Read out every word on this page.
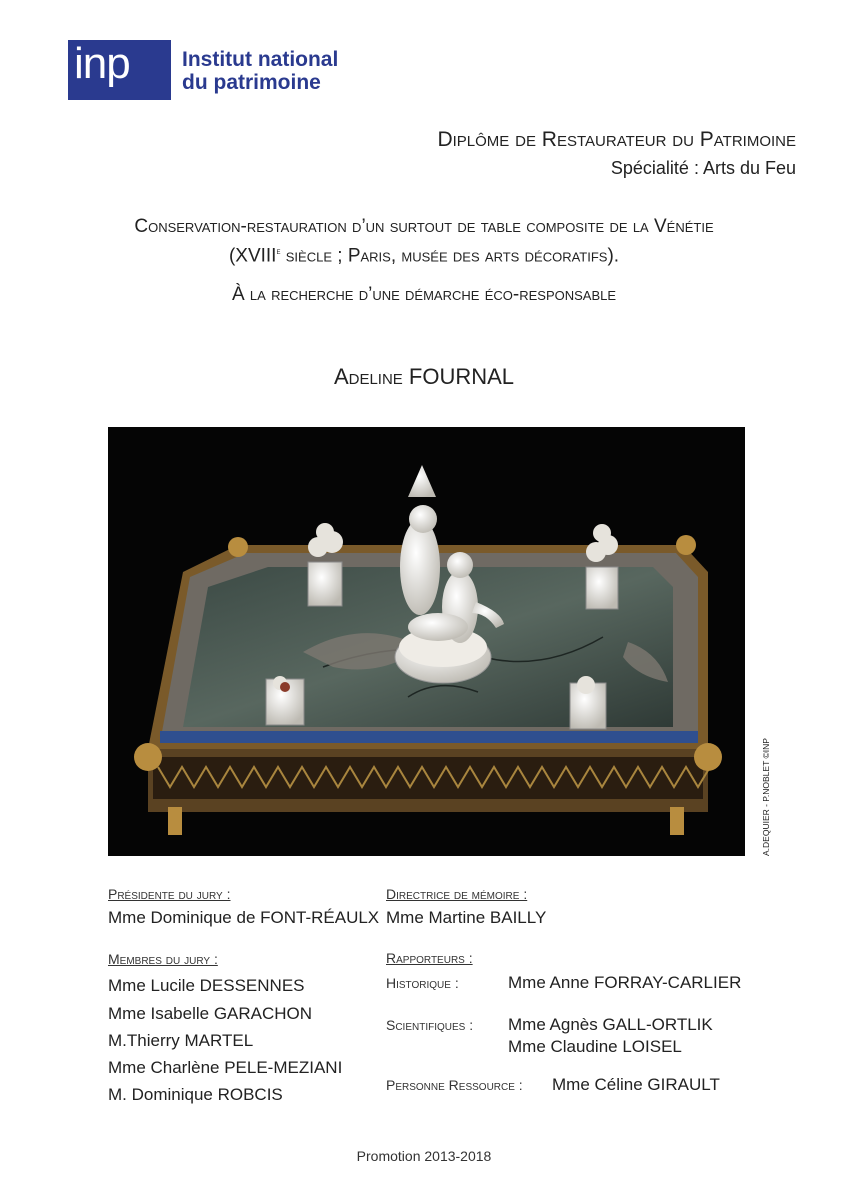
inp Institut national
du patrimoine
Diplôme de Restaurateur du Patrimoine
Spécialité : Arts du Feu
Conservation-restauration d’un surtout de table composite de la Vénétie
(XVIIIe siècle ; Paris, musée des arts décoratifs).
À la recherche d’une démarche éco-responsable
Adeline FOURNAL
A.DEQUIER - P.NOBLET ©INP
Présidente du jury :
Mme Dominique de FONT-RÉAULX
Membres du jury :
Mme Lucile DESSENNES
Mme Isabelle GARACHON
M.Thierry MARTEL
Mme Charlène PELE-MEZIANI
M. Dominique ROBCIS
Directrice de mémoire :
Mme Martine BAILLY
Rapporteurs :
Historique :	Mme Anne FORRAY-CARLIER
Scientifiques : Mme Agnès GALL-ORTLIK
Mme Claudine LOISEL
Personne Ressource : Mme Céline GIRAULT
Promotion 2013-2018
